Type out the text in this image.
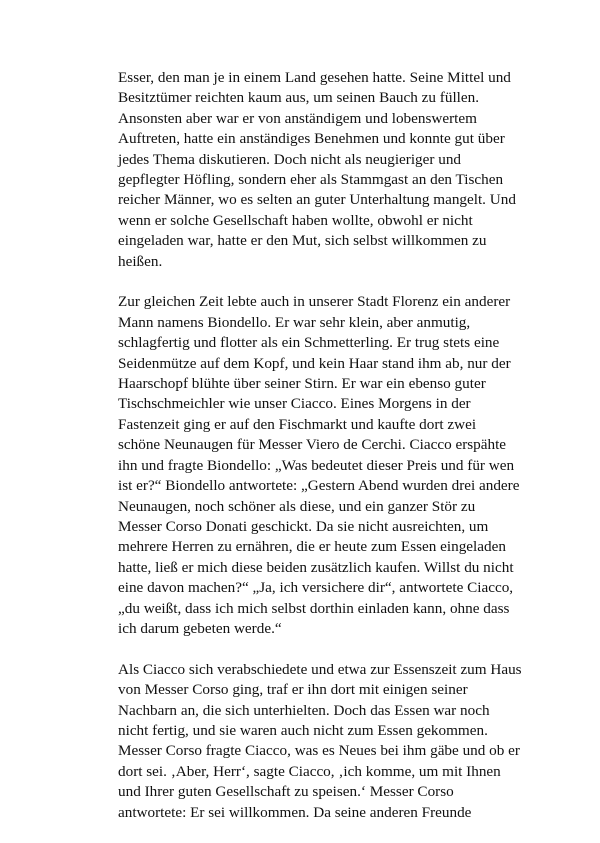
Esser, den man je in einem Land gesehen hatte. Seine Mittel und Besitztümer reichten kaum aus, um seinen Bauch zu füllen. Ansonsten aber war er von anständigem und lobenswertem Auftreten, hatte ein anständiges Benehmen und konnte gut über jedes Thema diskutieren. Doch nicht als neugieriger und gepflegter Höfling, sondern eher als Stammgast an den Tischen reicher Männer, wo es selten an guter Unterhaltung mangelt. Und wenn er solche Gesellschaft haben wollte, obwohl er nicht eingeladen war, hatte er den Mut, sich selbst willkommen zu heißen.

Zur gleichen Zeit lebte auch in unserer Stadt Florenz ein anderer Mann namens Biondello. Er war sehr klein, aber anmutig, schlagfertig und flotter als ein Schmetterling. Er trug stets eine Seidenmütze auf dem Kopf, und kein Haar stand ihm ab, nur der Haarschopf blühte über seiner Stirn. Er war ein ebenso guter Tischschmeichler wie unser Ciacco. Eines Morgens in der Fastenzeit ging er auf den Fischmarkt und kaufte dort zwei schöne Neunaugen für Messer Viero de Cerchi. Ciacco erspähte ihn und fragte Biondello: „Was bedeutet dieser Preis und für wen ist er?“ Biondello antwortete: „Gestern Abend wurden drei andere Neunaugen, noch schöner als diese, und ein ganzer Stör zu Messer Corso Donati geschickt. Da sie nicht ausreichten, um mehrere Herren zu ernähren, die er heute zum Essen eingeladen hatte, ließ er mich diese beiden zusätzlich kaufen. Willst du nicht eine davon machen?“ „Ja, ich versichere dir“, antwortete Ciacco, „du weißt, dass ich mich selbst dorthin einladen kann, ohne dass ich darum gebeten werde.“

Als Ciacco sich verabschiedete und etwa zur Essenszeit zum Haus von Messer Corso ging, traf er ihn dort mit einigen seiner Nachbarn an, die sich unterhielten. Doch das Essen war noch nicht fertig, und sie waren auch nicht zum Essen gekommen. Messer Corso fragte Ciacco, was es Neues bei ihm gäbe und ob er dort sei. ‚Aber, Herr‘, sagte Ciacco, ‚ich komme, um mit Ihnen und Ihrer guten Gesellschaft zu speisen.‘ Messer Corso antwortete: Er sei willkommen. Da seine anderen Freunde
